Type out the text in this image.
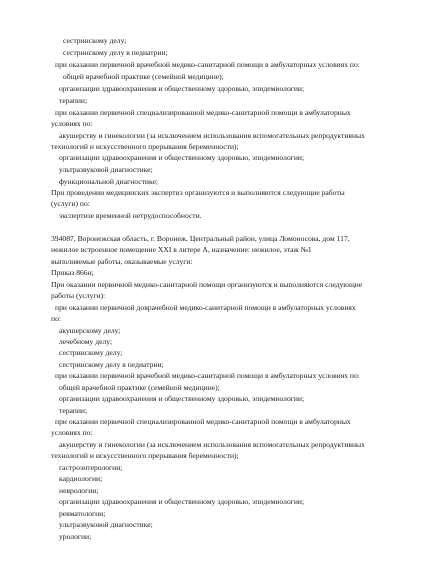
сестринскому делу;
сестринскому делу в педиатрии;
при оказании первичной врачебной медико-санитарной помощи в амбулаторных условиях по:
общей врачебной практике (семейной медицине);
организации здравоохранения и общественному здоровью, эпидемиологии;
терапии;
при оказании первичной специализированной медико-санитарной помощи в амбулаторных
условиях по:
акушерству и гинекологии (за исключением использования вспомогательных репродуктивных
технологий и искусственного прерывания беременности);
организации здравоохранения и общественному здоровью, эпидемиологии;
ультразвуковой диагностике;
функциональной диагностике;
При проведении медицинских экспертиз организуются и выполняются следующие работы
(услуги) по:
экспертизе временной нетрудоспособности.
394087, Воронежская область, г. Воронеж, Центральный район, улица Ломоносова, дом 117,
нежилое встроенное помещение XXI в литере А, назначение: нежилое, этаж №1
выполняемые работы, оказываемые услуги:
Приказ 866н;
При оказании первичной медико-санитарной помощи организуются и выполняются следующие
работы (услуги):
при оказании первичной доврачебной медико-санитарной помощи в амбулаторных условиях
по:
акушерскому делу;
лечебному делу;
сестринскому делу;
сестринскому делу в педиатрии;
при оказании первичной врачебной медико-санитарной помощи в амбулаторных условиях по:
общей врачебной практике (семейной медицине);
организации здравоохранения и общественному здоровью, эпидемиологии;
терапии;
при оказании первичной специализированной медико-санитарной помощи в амбулаторных
условиях по:
акушерству и гинекологии (за исключением использования вспомогательных репродуктивных
технологий и искусственного прерывания беременности);
гастроэнтерологии;
кардиологии;
неврологии;
организации здравоохранения и общественному здоровью, эпидемиологии;
ревматологии;
ультразвуковой диагностике;
урологии;
